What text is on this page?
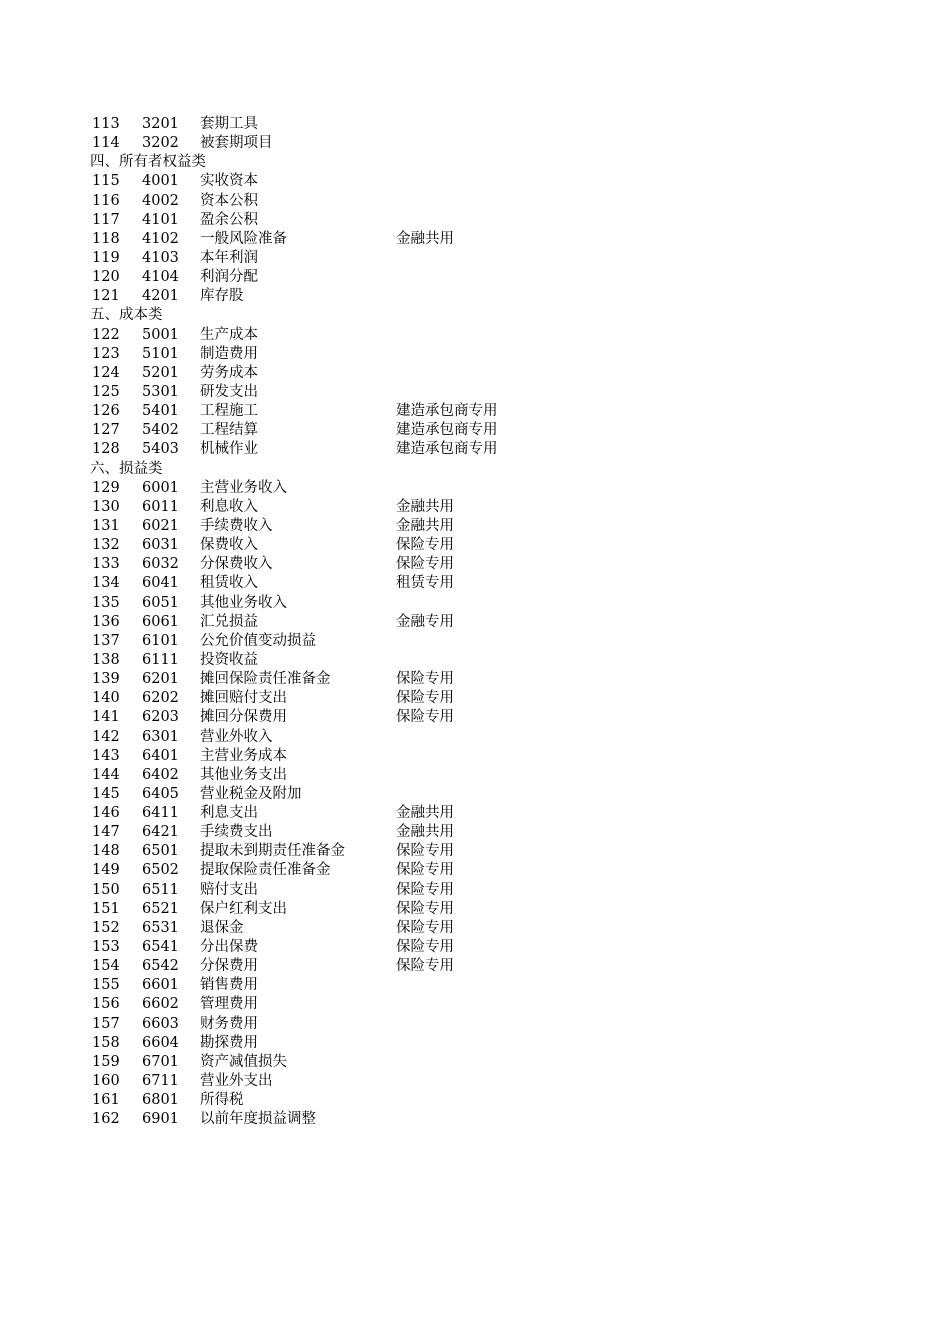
113 3201 套期工具
114 3202 被套期项目
四、所有者权益类
115 4001 实收资本
116 4002 资本公积
117 4101 盈余公积
118 4102 一般风险准备	金融共用
119 4103 本年利润
120 4104 利润分配
121 4201 库存股
五、成本类
122 5001 生产成本
123 5101 制造费用
124 5201 劳务成本
125 5301 研发支出
126 5401 工程施工	建造承包商专用
127 5402 工程结算	建造承包商专用
128 5403 机械作业	建造承包商专用
六、损益类
129 6001 主营业务收入
130 6011 利息收入	金融共用
131 6021 手续费收入	金融共用
132 6031 保费收入	保险专用
133 6032 分保费收入	保险专用
134 6041 租赁收入	租赁专用
135 6051 其他业务收入
136 6061 汇兑损益	金融专用
137 6101 公允价值变动损益
138 6111 投资收益
139 6201 摊回保险责任准备金	保险专用
140 6202 摊回赔付支出	保险专用
141 6203 摊回分保费用	保险专用
142 6301 营业外收入
143 6401 主营业务成本
144 6402 其他业务支出
145 6405 营业税金及附加
146 6411 利息支出	金融共用
147 6421 手续费支出	金融共用
148 6501 提取未到期责任准备金	保险专用
149 6502 提取保险责任准备金	保险专用
150 6511 赔付支出	保险专用
151 6521 保户红利支出	保险专用
152 6531 退保金	保险专用
153 6541 分出保费	保险专用
154 6542 分保费用	保险专用
155 6601 销售费用
156 6602 管理费用
157 6603 财务费用
158 6604 勘探费用
159 6701 资产减值损失
160 6711 营业外支出
161 6801 所得税
162 6901 以前年度损益调整
